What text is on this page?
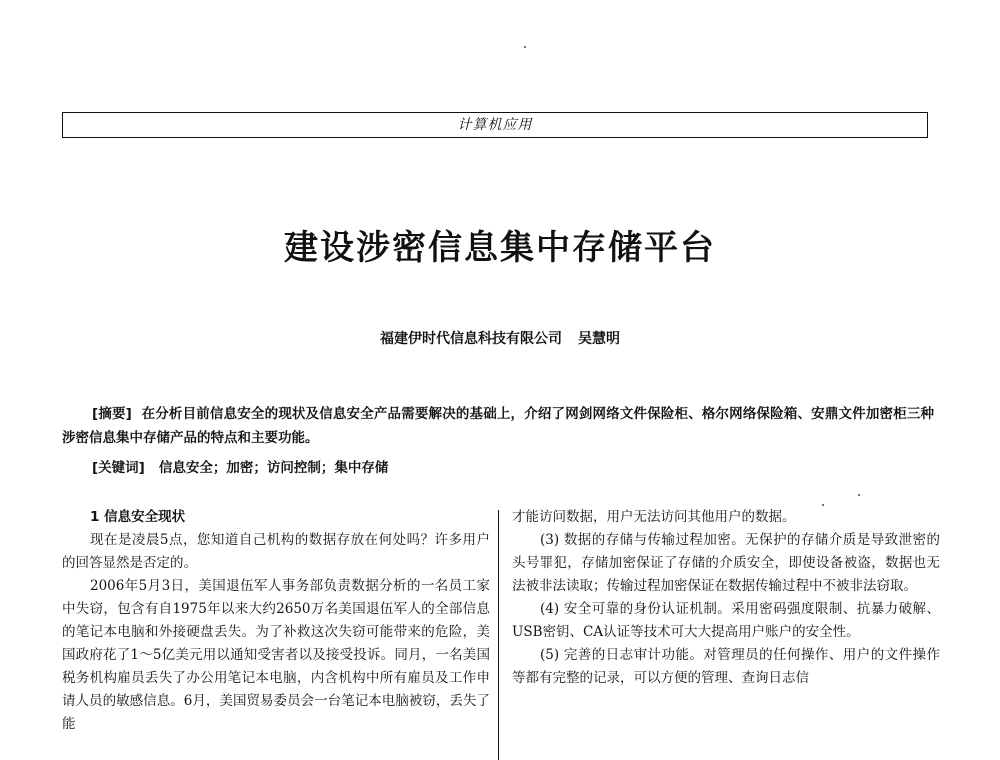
计算机应用
建设涉密信息集中存储平台
福建伊时代信息科技有限公司 吴慧明
[摘要] 在分析目前信息安全的现状及信息安全产品需要解决的基础上，介绍了网剑网络文件保险柜、格尔网络保险箱、安鼎文件加密柜三种涉密信息集中存储产品的特点和主要功能。
[关键词] 信息安全；加密；访问控制；集中存储

1 信息安全现状

现在是凌晨5点，您知道自己机构的数据存放在何处吗？许多用户的回答显然是否定的。

2006年5月3日，美国退伍军人事务部负责数据分析的一名员工家中失窃，包含有自1975年以来大约2650万名美国退伍军人的全部信息的笔记本电脑和外接硬盘丢失。为了补救这次失窃可能带来的危险，美国政府花了1～5亿美元用以通知受害者以及接受投诉。同月，一名美国税务机构雇员丢失了办公用笔记本电脑，内含机构中所有雇员及工作申请人员的敏感信息。6月，美国贸易委员会一台笔记本电脑被窃，丢失了能

才能访问数据，用户无法访问其他用户的数据。

(3) 数据的存储与传输过程加密。无保护的存储介质是导致泄密的头号罪犯，存储加密保证了存储的介质安全，即使设备被盗，数据也无法被非法读取；传输过程加密保证在数据传输过程中不被非法窃取。

(4) 安全可靠的身份认证机制。采用密码强度限制、抗暴力破解、USB密钥、CA认证等技术可大大提高用户账户的安全性。

(5) 完善的日志审计功能。对管理员的任何操作、用户的文件操作等都有完整的记录，可以方便的管理、查询日志信
